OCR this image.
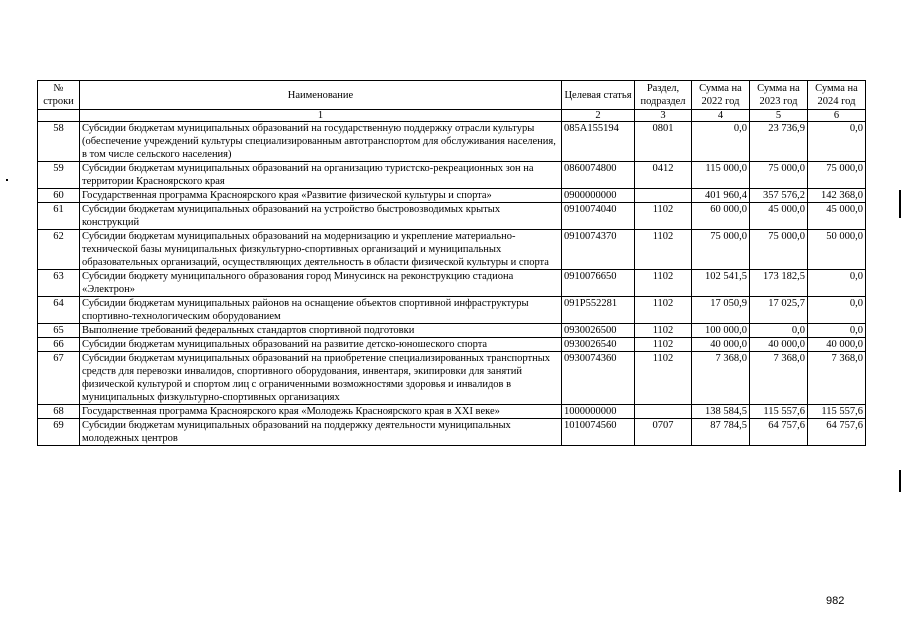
№ строки	Наименование	Целевая статья	Раздел, подраздел	Сумма на 2022 год	Сумма на 2023 год	Сумма на 2024 год
	1	2	3	4	5	6
58	Субсидии бюджетам муниципальных образований на государственную поддержку отрасли культуры (обеспечение учреждений культуры специализированным автотранспортом для обслуживания населения, в том числе сельского населения)	085A155194	0801	0,0	23 736,9	0,0
59	Субсидии бюджетам муниципальных образований на организацию туристско-рекреационных зон на территории Красноярского края	0860074800	0412	115 000,0	75 000,0	75 000,0
60	Государственная программа Красноярского края «Развитие физической культуры и спорта»	0900000000		401 960,4	357 576,2	142 368,0
61	Субсидии бюджетам муниципальных образований на устройство быстровозводимых крытых конструкций	0910074040	1102	60 000,0	45 000,0	45 000,0
62	Субсидии бюджетам муниципальных образований на модернизацию и укрепление материально-технической базы муниципальных физкультурно-спортивных организаций и муниципальных образовательных организаций, осуществляющих деятельность в области физической культуры и спорта	0910074370	1102	75 000,0	75 000,0	50 000,0
63	Субсидии бюджету муниципального образования город Минусинск на реконструкцию стадиона «Электрон»	0910076650	1102	102 541,5	173 182,5	0,0
64	Субсидии бюджетам муниципальных районов на оснащение объектов спортивной инфраструктуры спортивно-технологическим оборудованием	091P552281	1102	17 050,9	17 025,7	0,0
65	Выполнение требований федеральных стандартов спортивной подготовки	0930026500	1102	100 000,0	0,0	0,0
66	Субсидии бюджетам муниципальных образований на развитие детско-юношеского спорта	0930026540	1102	40 000,0	40 000,0	40 000,0
67	Субсидии бюджетам муниципальных образований на приобретение специализированных транспортных средств для перевозки инвалидов, спортивного оборудования, инвентаря, экипировки для занятий физической культурой и спортом лиц с ограниченными возможностями здоровья и инвалидов в муниципальных физкультурно-спортивных организациях	0930074360	1102	7 368,0	7 368,0	7 368,0
68	Государственная программа Красноярского края «Молодежь Красноярского края в XXI веке»	1000000000		138 584,5	115 557,6	115 557,6
69	Субсидии бюджетам муниципальных образований на поддержку деятельности муниципальных молодежных центров	1010074560	0707	87 784,5	64 757,6	64 757,6
982
